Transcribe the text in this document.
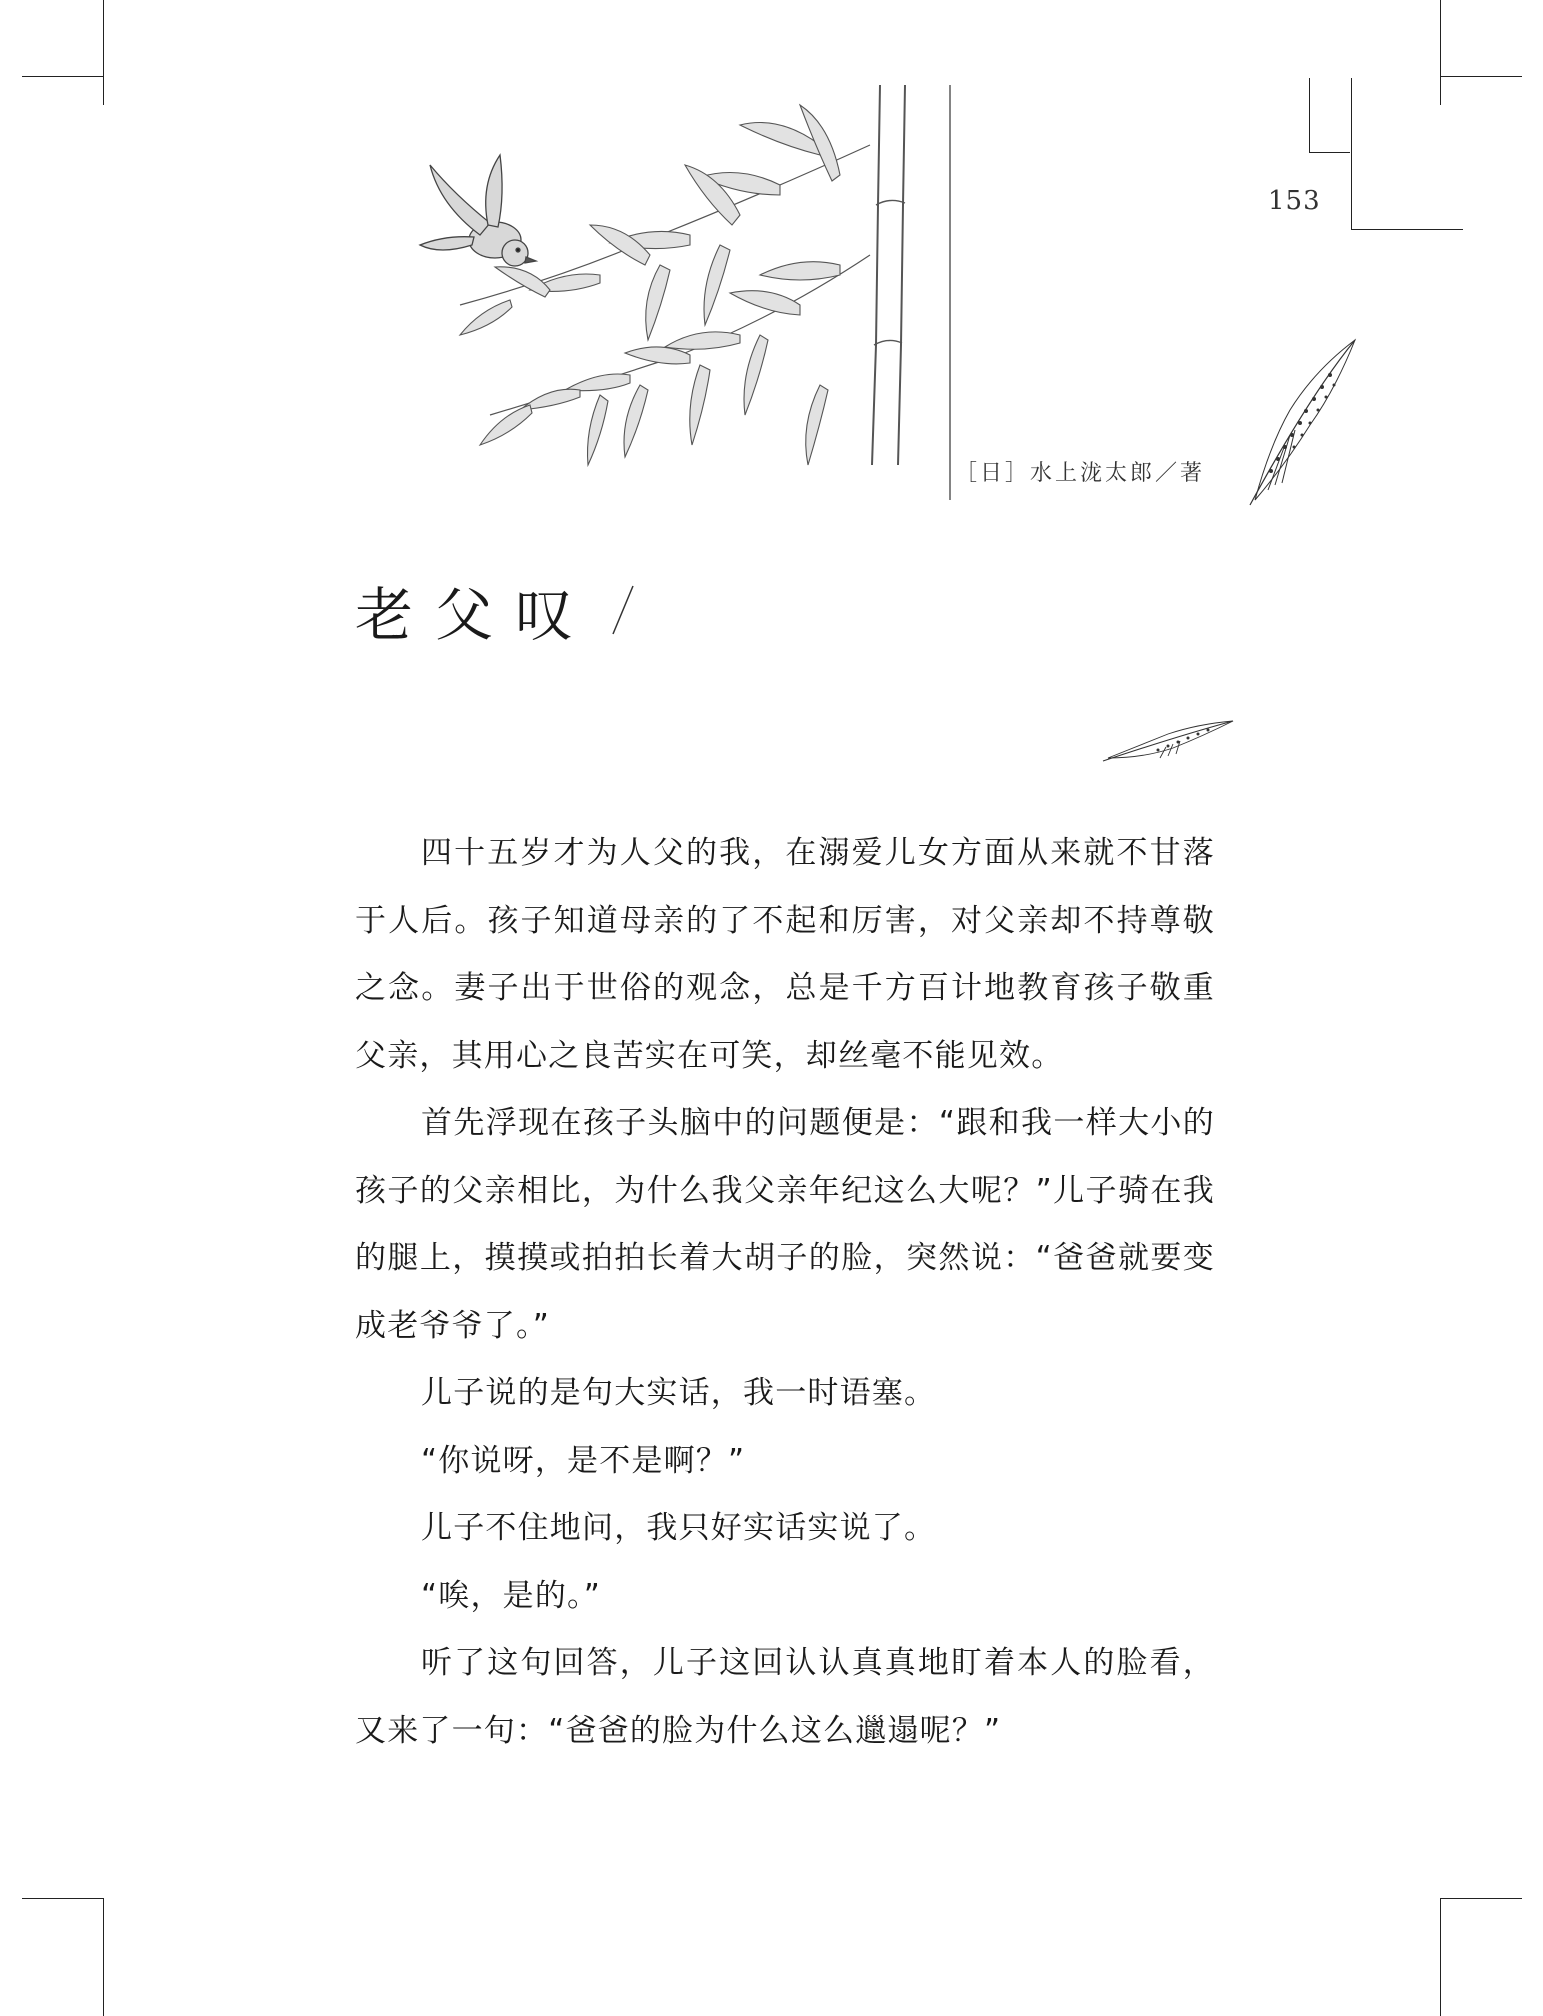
153
［日］水上泷太郎／著
老父叹

四十五岁才为人父的我，在溺爱儿女方面从来就不甘落于人后。孩子知道母亲的了不起和厉害，对父亲却不持尊敬之念。妻子出于世俗的观念，总是千方百计地教育孩子敬重父亲，其用心之良苦实在可笑，却丝毫不能见效。

首先浮现在孩子头脑中的问题便是：“跟和我一样大小的孩子的父亲相比，为什么我父亲年纪这么大呢？”儿子骑在我的腿上，摸摸或拍拍长着大胡子的脸，突然说：“爸爸就要变成老爷爷了。”

儿子说的是句大实话，我一时语塞。

“你说呀，是不是啊？”

儿子不住地问，我只好实话实说了。

“唉，是的。”

听了这句回答，儿子这回认认真真地盯着本人的脸看，又来了一句：“爸爸的脸为什么这么邋遢呢？”
